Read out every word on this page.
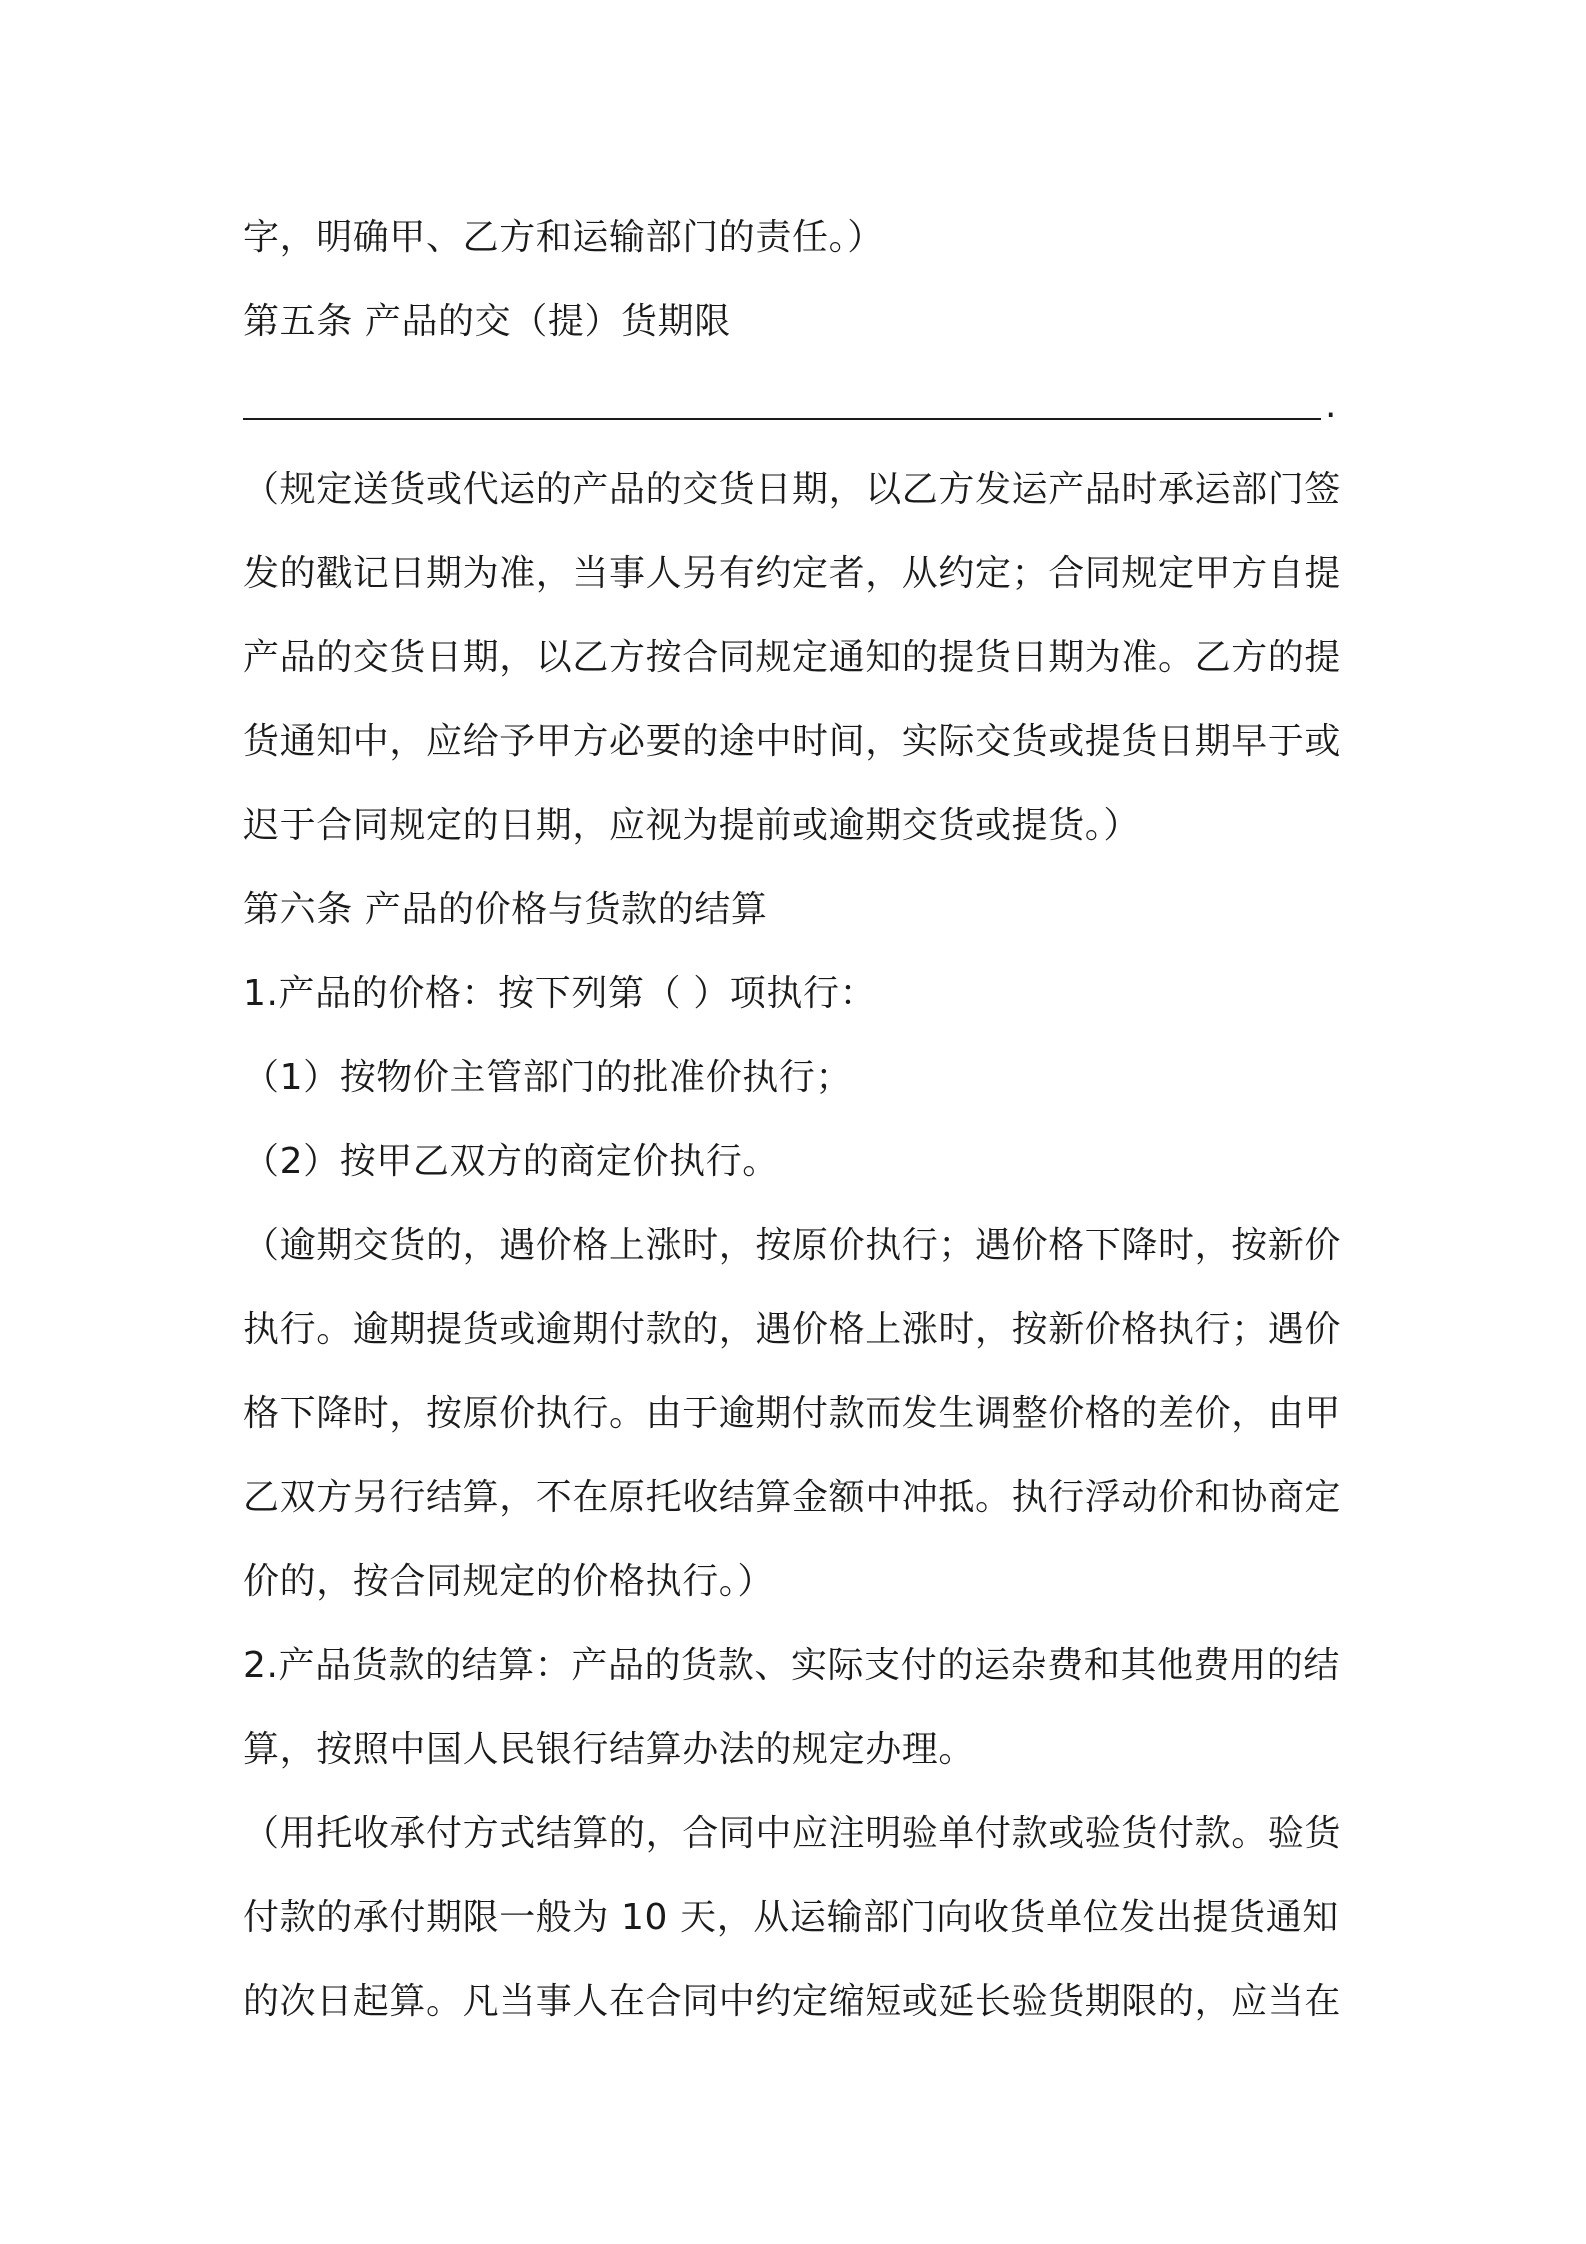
字，明确甲、乙方和运输部门的责任。）
第五条 产品的交（提）货期限
.
（规定送货或代运的产品的交货日期，以乙方发运产品时承运部门签
发的戳记日期为准，当事人另有约定者，从约定；合同规定甲方自提
产品的交货日期，以乙方按合同规定通知的提货日期为准。乙方的提
货通知中，应给予甲方必要的途中时间，实际交货或提货日期早于或
迟于合同规定的日期，应视为提前或逾期交货或提货。）
第六条 产品的价格与货款的结算
1.产品的价格：按下列第（ ）项执行：
（1）按物价主管部门的批准价执行；
（2）按甲乙双方的商定价执行。
（逾期交货的，遇价格上涨时，按原价执行；遇价格下降时，按新价
执行。逾期提货或逾期付款的，遇价格上涨时，按新价格执行；遇价
格下降时，按原价执行。由于逾期付款而发生调整价格的差价，由甲
乙双方另行结算，不在原托收结算金额中冲抵。执行浮动价和协商定
价的，按合同规定的价格执行。）
2.产品货款的结算：产品的货款、实际支付的运杂费和其他费用的结
算，按照中国人民银行结算办法的规定办理。
（用托收承付方式结算的，合同中应注明验单付款或验货付款。验货
付款的承付期限一般为 10 天，从运输部门向收货单位发出提货通知
的次日起算。凡当事人在合同中约定缩短或延长验货期限的，应当在
